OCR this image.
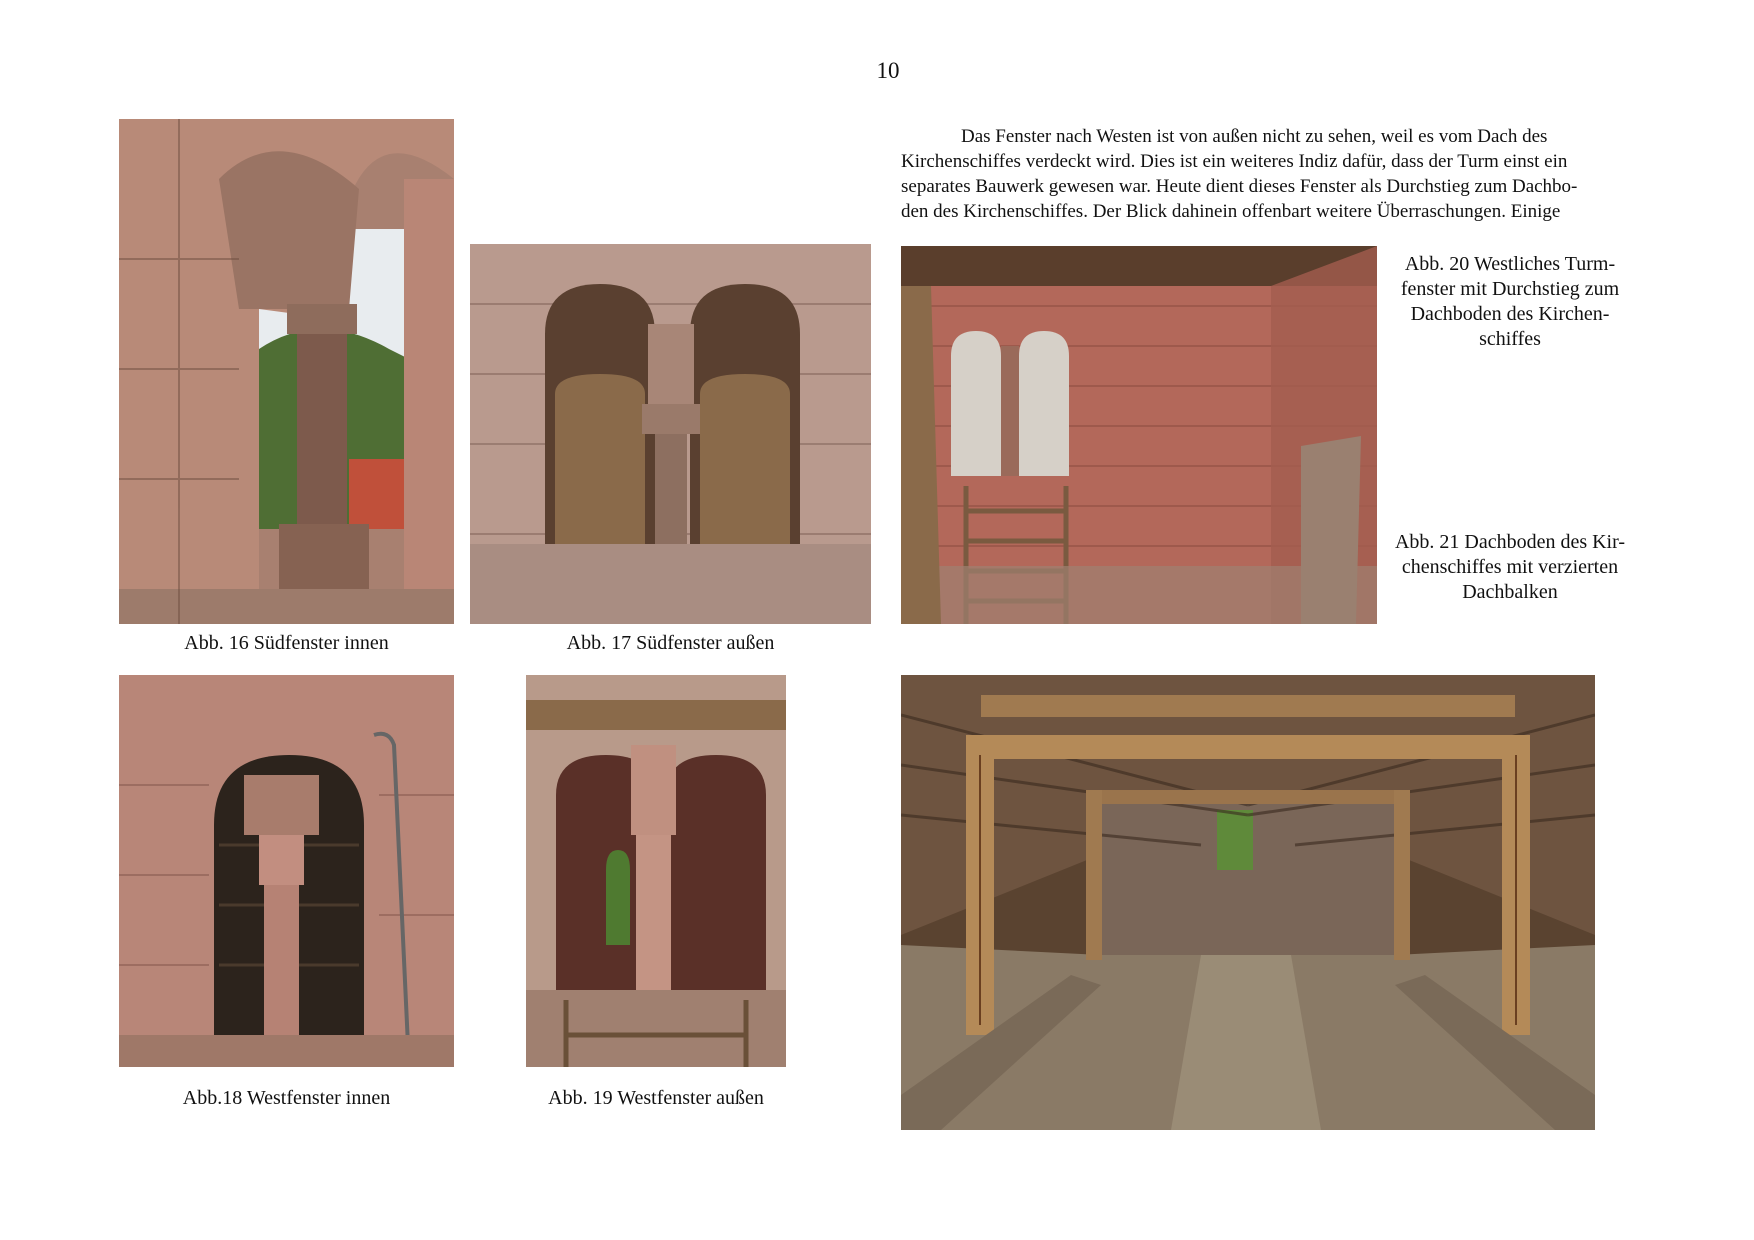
10
Abb. 16 Südfenster innen	Abb. 17 Südfenster außen
Das Fenster nach Westen ist von außen nicht zu sehen, weil es vom Dach des
Kirchenschiffes verdeckt wird. Dies ist ein weiteres Indiz dafür, dass der Turm einst ein
separates Bauwerk gewesen war. Heute dient dieses Fenster als Durchstieg zum Dachbo-
den des Kirchenschiffes. Der Blick dahinein offenbart weitere Überraschungen. Einige
Abb. 20 Westliches Turm-
fenster mit Durchstieg zum
Dachboden des Kirchen-
schiffes
Abb. 21 Dachboden des Kir-
chenschiffes mit verzierten
Dachbalken
Abb.18 Westfenster innen	Abb. 19 Westfenster außen
